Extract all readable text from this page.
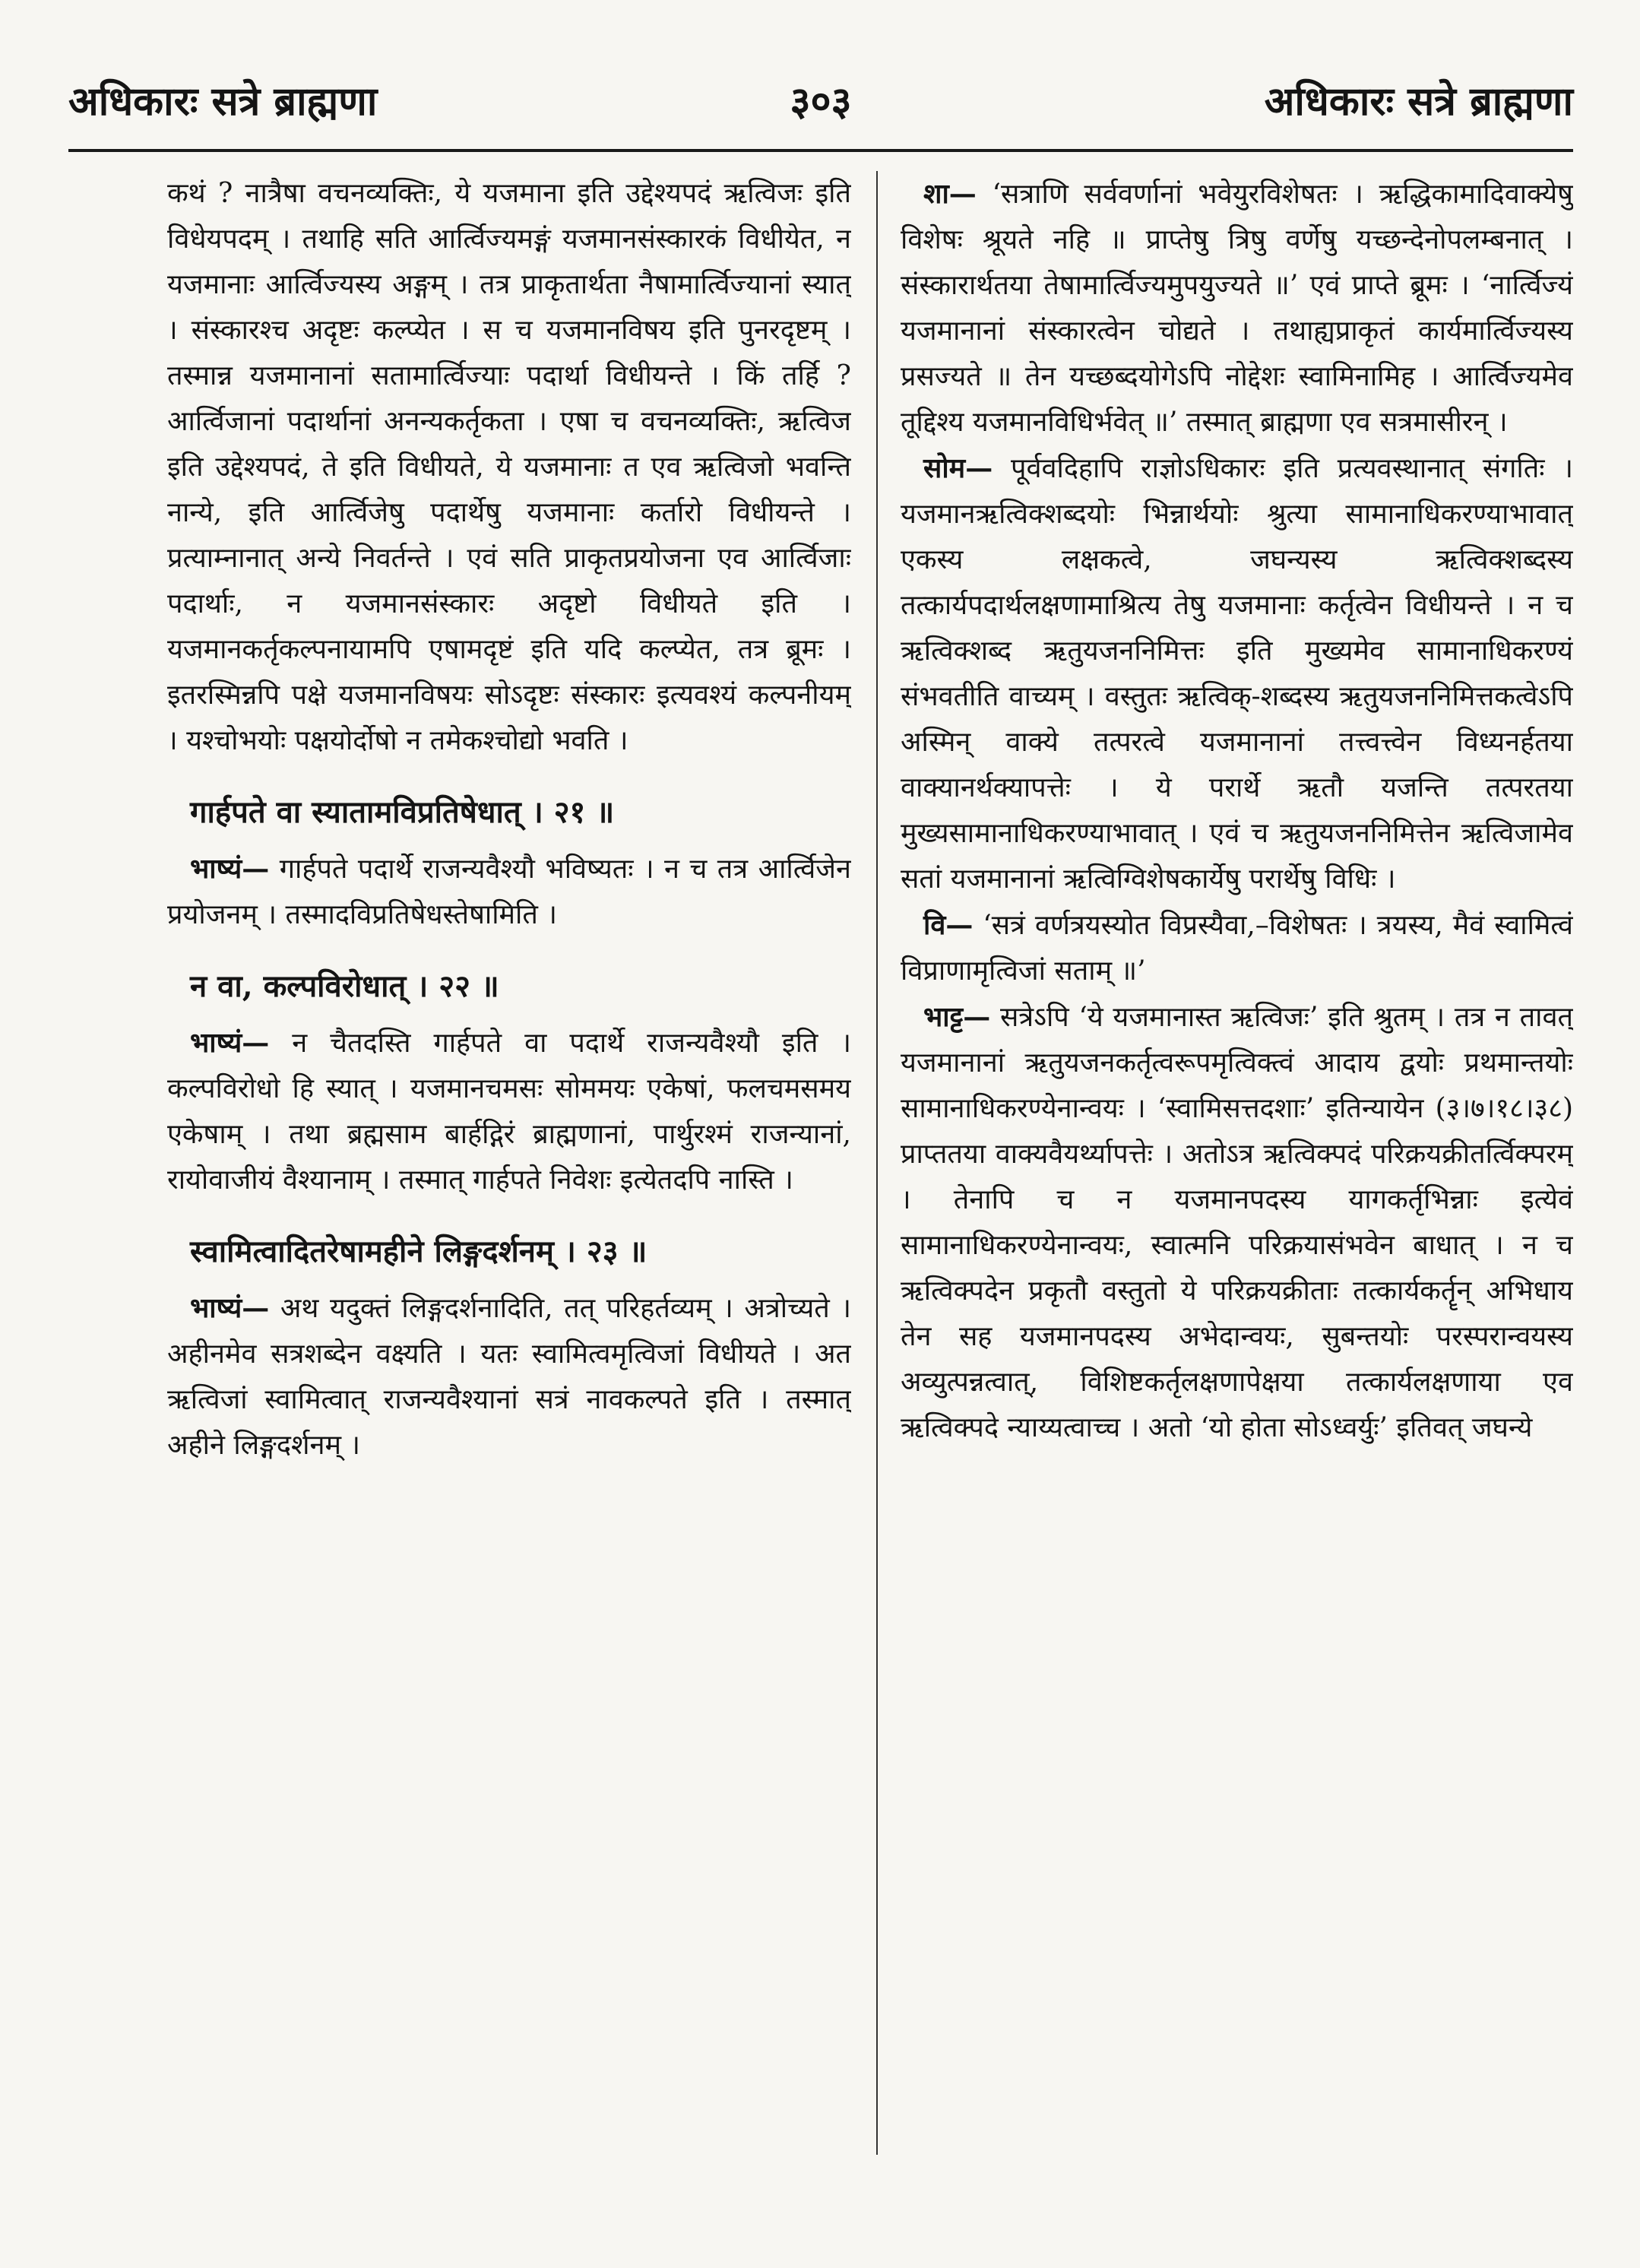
अधिकारः सत्रे ब्राह्मणा	३०३	अधिकारः सत्रे ब्राह्मणा

कथं ? नात्रैषा वचनव्यक्तिः, ये यजमाना इति उद्देश्यपदं ऋत्विजः इति विधेयपदम् । तथाहि सति आर्त्विज्यमङ्गं यजमानसंस्कारकं विधीयेत, न यजमानाः आर्त्विज्यस्य अङ्गम् । तत्र प्राकृतार्थता नैषामार्त्विज्यानां स्यात् । संस्कारश्च अदृष्टः कल्प्येत । स च यजमानविषय इति पुनरदृष्टम् । तस्मान्न यजमानानां सतामार्त्विज्याः पदार्था विधीयन्ते । किं तर्हि ? आर्त्विजानां पदार्थानां अनन्यकर्तृकता । एषा च वचनव्यक्तिः, ऋत्विज इति उद्देश्यपदं, ते इति विधीयते, ये यजमानाः त एव ऋत्विजो भवन्ति नान्ये, इति आर्त्विजेषु पदार्थेषु यजमानाः कर्तारो विधीयन्ते । प्रत्याम्नानात् अन्ये निवर्तन्ते । एवं सति प्राकृतप्रयोजना एव आर्त्विजाः पदार्थाः, न यजमानसंस्कारः अदृष्टो विधीयते इति । यजमानकर्तृकल्पनायामपि एषामदृष्टं इति यदि कल्प्येत, तत्र ब्रूमः । इतरस्मिन्नपि पक्षे यजमानविषयः सोऽदृष्टः संस्कारः इत्यवश्यं कल्पनीयम् । यश्चोभयोः पक्षयोर्दोषो न तमेकश्चोद्यो भवति ।

गार्हपते वा स्यातामविप्रतिषेधात् । २१ ॥

भाष्यं— गार्हपते पदार्थे राजन्यवैश्यौ भविष्यतः । न च तत्र आर्त्विजेन प्रयोजनम् । तस्मादविप्रतिषेधस्तेषामिति ।

न वा, कल्पविरोधात् । २२ ॥

भाष्यं— न चैतदस्ति गार्हपते वा पदार्थे राजन्यवैश्यौ इति । कल्पविरोधो हि स्यात् । यजमानचमसः सोममयः एकेषां, फलचमसमय एकेषाम् । तथा ब्रह्मसाम बार्हद्गिरं ब्राह्मणानां, पार्थुरश्मं राजन्यानां, रायोवाजीयं वैश्यानाम् । तस्मात् गार्हपते निवेशः इत्येतदपि नास्ति ।

स्वामित्वादितरेषामहीने लिङ्गदर्शनम् । २३ ॥

भाष्यं— अथ यदुक्तं लिङ्गदर्शनादिति, तत् परिहर्तव्यम् । अत्रोच्यते । अहीनमेव सत्रशब्देन वक्ष्यति । यतः स्वामित्वमृत्विजां विधीयते । अत ऋत्विजां स्वामित्वात् राजन्यवैश्यानां सत्रं नावकल्पते इति । तस्मात् अहीने लिङ्गदर्शनम् ।

शा— ‘सत्राणि सर्ववर्णानां भवेयुरविशेषतः । ऋद्धिकामादिवाक्येषु विशेषः श्रूयते नहि ॥ प्राप्तेषु त्रिषु वर्णेषु यच्छन्देनोपलम्बनात् । संस्कारार्थतया तेषामार्त्विज्यमुपयुज्यते ॥’ एवं प्राप्ते ब्रूमः । ‘नार्त्विज्यं यजमानानां संस्कारत्वेन चोद्यते । तथाह्यप्राकृतं कार्यमार्त्विज्यस्य प्रसज्यते ॥ तेन यच्छब्दयोगेऽपि नोद्देशः स्वामिनामिह । आर्त्विज्यमेव तूद्दिश्य यजमानविधिर्भवेत् ॥’ तस्मात् ब्राह्मणा एव सत्रमासीरन् ।

सोम— पूर्ववदिहापि राज्ञोऽधिकारः इति प्रत्यवस्थानात् संगतिः । यजमानऋत्विक्शब्दयोः भिन्नार्थयोः श्रुत्या सामानाधिकरण्याभावात् एकस्य लक्षकत्वे, जघन्यस्य ऋत्विक्शब्दस्य तत्कार्यपदार्थलक्षणामाश्रित्य तेषु यजमानाः कर्तृत्वेन विधीयन्ते । न च ऋत्विक्शब्द ऋतुयजननिमित्तः इति मुख्यमेव सामानाधिकरण्यं संभवतीति वाच्यम् । वस्तुतः ऋत्विक्-शब्दस्य ऋतुयजननिमित्तकत्वेऽपि अस्मिन् वाक्ये तत्परत्वे यजमानानां तत्त्वत्त्वेन विध्यनर्हतया वाक्यानर्थक्यापत्तेः । ये परार्थे ऋतौ यजन्ति तत्परतया मुख्यसामानाधिकरण्याभावात् । एवं च ऋतुयजननिमित्तेन ऋत्विजामेव सतां यजमानानां ऋत्विग्विशेषकार्येषु परार्थेषु विधिः ।

वि— ‘सत्रं वर्णत्रयस्योत विप्रस्यैवा,–विशेषतः । त्रयस्य, मैवं स्वामित्वं विप्राणामृत्विजां सताम् ॥’

भाट्ट— सत्रेऽपि ‘ये यजमानास्त ऋत्विजः’ इति श्रुतम् । तत्र न तावत् यजमानानां ऋतुयजनकर्तृत्वरूपमृत्विक्त्वं आदाय द्वयोः प्रथमान्तयोः सामानाधिकरण्येनान्वयः । ‘स्वामिसत्तदशाः’ इतिन्यायेन (३।७।१८।३८) प्राप्ततया वाक्यवैयर्थ्यापत्तेः । अतोऽत्र ऋत्विक्पदं परिक्रयक्रीतर्त्विक्परम् । तेनापि च न यजमानपदस्य यागकर्तृभिन्नाः इत्येवं सामानाधिकरण्येनान्वयः, स्वात्मनि परिक्रयासंभवेन बाधात् । न च ऋत्विक्पदेन प्रकृतौ वस्तुतो ये परिक्रयक्रीताः तत्कार्यकर्तॄन् अभिधाय तेन सह यजमानपदस्य अभेदान्वयः, सुबन्तयोः परस्परान्वयस्य अव्युत्पन्नत्वात्, विशिष्टकर्तृलक्षणापेक्षया तत्कार्यलक्षणाया एव ऋत्विक्पदे न्याय्यत्वाच्च । अतो ‘यो होता सोऽध्वर्युः’ इतिवत् जघन्ये
